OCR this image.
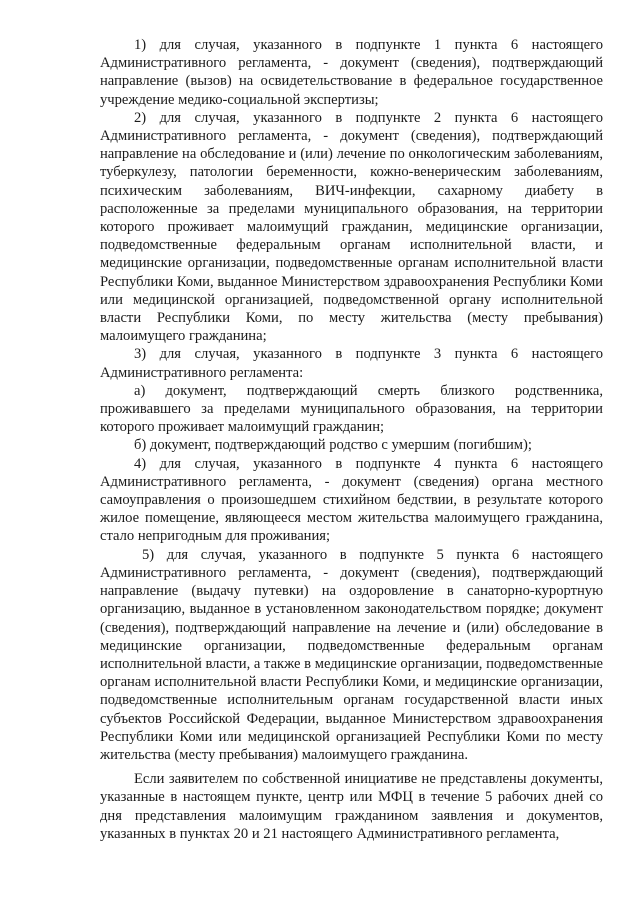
1) для случая, указанного в подпункте 1 пункта 6 настоящего Административного регламента, - документ (сведения), подтверждающий направление (вызов) на освидетельствование в федеральное государственное учреждение медико-социальной экспертизы;

2) для случая, указанного в подпункте 2 пункта 6 настоящего Административного регламента, - документ (сведения), подтверждающий направление на обследование и (или) лечение по онкологическим заболеваниям, туберкулезу, патологии беременности, кожно-венерическим заболеваниям, психическим заболеваниям, ВИЧ-инфекции, сахарному диабету в расположенные за пределами муниципального образования, на территории которого проживает малоимущий гражданин, медицинские организации, подведомственные федеральным органам исполнительной власти, и медицинские организации, подведомственные органам исполнительной власти Республики Коми, выданное Министерством здравоохранения Республики Коми или медицинской организацией, подведомственной органу исполнительной власти Республики Коми, по месту жительства (месту пребывания) малоимущего гражданина;

3) для случая, указанного в подпункте 3 пункта 6 настоящего Административного регламента:

а) документ, подтверждающий смерть близкого родственника, проживавшего за пределами муниципального образования, на территории которого проживает малоимущий гражданин;

б) документ, подтверждающий родство с умершим (погибшим);

4) для случая, указанного в подпункте 4 пункта 6 настоящего Административного регламента, - документ (сведения) органа местного самоуправления о произошедшем стихийном бедствии, в результате которого жилое помещение, являющееся местом жительства малоимущего гражданина, стало непригодным для проживания;

5) для случая, указанного в подпункте 5 пункта 6 настоящего Административного регламента, - документ (сведения), подтверждающий направление (выдачу путевки) на оздоровление в санаторно-курортную организацию, выданное в установленном законодательством порядке; документ (сведения), подтверждающий направление на лечение и (или) обследование в медицинские организации, подведомственные федеральным органам исполнительной власти, а также в медицинские организации, подведомственные органам исполнительной власти Республики Коми, и медицинские организации, подведомственные исполнительным органам государственной власти иных субъектов Российской Федерации, выданное Министерством здравоохранения Республики Коми или медицинской организацией Республики Коми по месту жительства (месту пребывания) малоимущего гражданина.

Если заявителем по собственной инициативе не представлены документы, указанные в настоящем пункте, центр или МФЦ в течение 5 рабочих дней со дня представления малоимущим гражданином заявления и документов, указанных в пунктах 20 и 21 настоящего Административного регламента,
